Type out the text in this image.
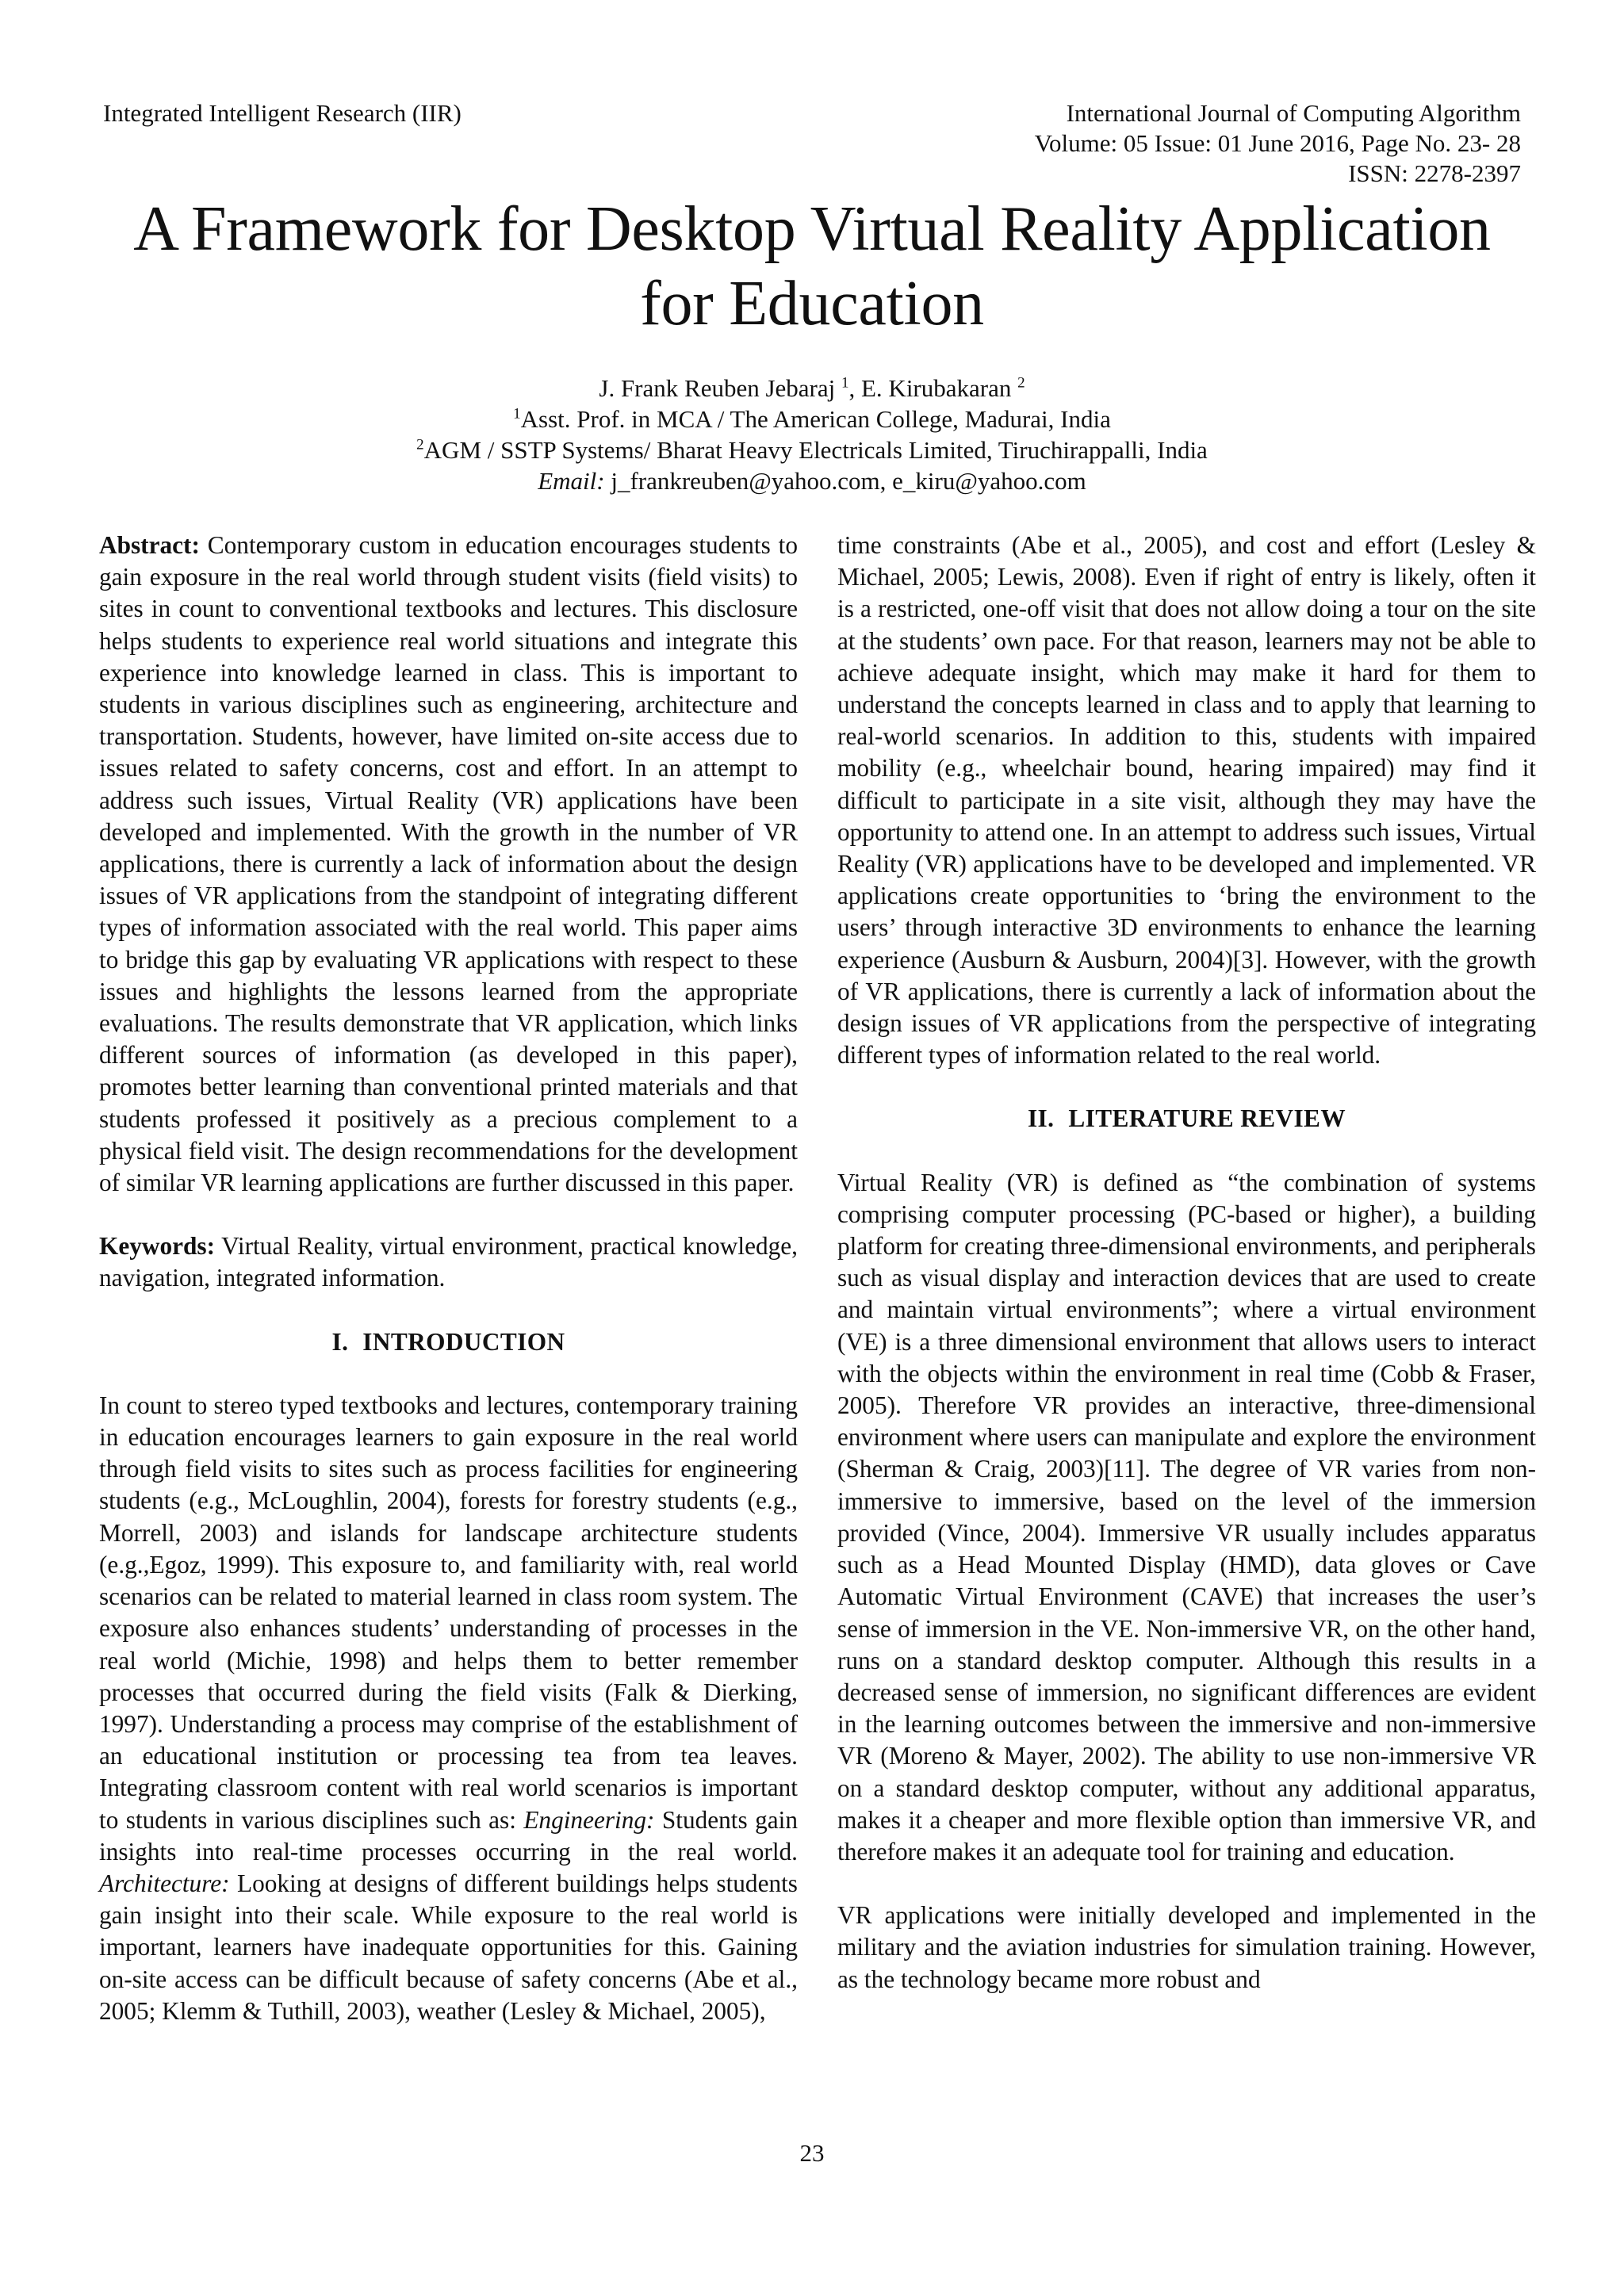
Integrated Intelligent Research (IIR)	International Journal of Computing Algorithm
Volume: 05 Issue: 01 June 2016, Page No. 23- 28
ISSN: 2278-2397
A Framework for Desktop Virtual Reality Application
for Education
J. Frank Reuben Jebaraj $^1$, E. Kirubakaran $^2$
$^1$Asst. Prof. in MCA / The American College, Madurai, India
$^2$AGM / SSTP Systems/ Bharat Heavy Electricals Limited, Tiruchirappalli, India
Email: j_frankreuben@yahoo.com, e_kiru@yahoo.com

Abstract: Contemporary custom in education encourages students to gain exposure in the real world through student visits (field visits) to sites in count to conventional textbooks and lectures. This disclosure helps students to experience real world situations and integrate this experience into knowledge learned in class. This is important to students in various disciplines such as engineering, architecture and transportation. Students, however, have limited on-site access due to issues related to safety concerns, cost and effort. In an attempt to address such issues, Virtual Reality (VR) applications have been developed and implemented. With the growth in the number of VR applications, there is currently a lack of information about the design issues of VR applications from the standpoint of integrating different types of information associated with the real world. This paper aims to bridge this gap by evaluating VR applications with respect to these issues and highlights the lessons learned from the appropriate evaluations. The results demonstrate that VR application, which links different sources of information (as developed in this paper), promotes better learning than conventional printed materials and that students professed it positively as a precious complement to a physical field visit. The design recommendations for the development of similar VR learning applications are further discussed in this paper.

Keywords: Virtual Reality, virtual environment, practical knowledge, navigation, integrated information.

I. INTRODUCTION

In count to stereo typed textbooks and lectures, contemporary training in education encourages learners to gain exposure in the real world through field visits to sites such as process facilities for engineering students (e.g., McLoughlin, 2004), forests for forestry students (e.g., Morrell, 2003) and islands for landscape architecture students (e.g.,Egoz, 1999). This exposure to, and familiarity with, real world scenarios can be related to material learned in class room system. The exposure also enhances students’ understanding of processes in the real world (Michie, 1998) and helps them to better remember processes that occurred during the field visits (Falk & Dierking, 1997). Understanding a process may comprise of the establishment of an educational institution or processing tea from tea leaves. Integrating classroom content with real world scenarios is important to students in various disciplines such as: Engineering: Students gain insights into real-time processes occurring in the real world. Architecture: Looking at designs of different buildings helps students gain insight into their scale. While exposure to the real world is important, learners have inadequate opportunities for this. Gaining on-site access can be difficult because of safety concerns (Abe et al., 2005; Klemm & Tuthill, 2003), weather (Lesley & Michael, 2005),

time constraints (Abe et al., 2005), and cost and effort (Lesley & Michael, 2005; Lewis, 2008). Even if right of entry is likely, often it is a restricted, one-off visit that does not allow doing a tour on the site at the students’ own pace. For that reason, learners may not be able to achieve adequate insight, which may make it hard for them to understand the concepts learned in class and to apply that learning to real-world scenarios. In addition to this, students with impaired mobility (e.g., wheelchair bound, hearing impaired) may find it difficult to participate in a site visit, although they may have the opportunity to attend one. In an attempt to address such issues, Virtual Reality (VR) applications have to be developed and implemented. VR applications create opportunities to ‘bring the environment to the users’ through interactive 3D environments to enhance the learning experience (Ausburn & Ausburn, 2004)[3]. However, with the growth of VR applications, there is currently a lack of information about the design issues of VR applications from the perspective of integrating different types of information related to the real world.

II. LITERATURE REVIEW

Virtual Reality (VR) is defined as “the combination of systems comprising computer processing (PC-based or higher), a building platform for creating three-dimensional environments, and peripherals such as visual display and interaction devices that are used to create and maintain virtual environments”; where a virtual environment (VE) is a three dimensional environment that allows users to interact with the objects within the environment in real time (Cobb & Fraser, 2005). Therefore VR provides an interactive, three-dimensional environment where users can manipulate and explore the environment (Sherman & Craig, 2003)[11]. The degree of VR varies from non-immersive to immersive, based on the level of the immersion provided (Vince, 2004). Immersive VR usually includes apparatus such as a Head Mounted Display (HMD), data gloves or Cave Automatic Virtual Environment (CAVE) that increases the user’s sense of immersion in the VE. Non-immersive VR, on the other hand, runs on a standard desktop computer. Although this results in a decreased sense of immersion, no significant differences are evident in the learning outcomes between the immersive and non-immersive VR (Moreno & Mayer, 2002). The ability to use non-immersive VR on a standard desktop computer, without any additional apparatus, makes it a cheaper and more flexible option than immersive VR, and therefore makes it an adequate tool for training and education.

VR applications were initially developed and implemented in the military and the aviation industries for simulation training. However, as the technology became more robust and

23
